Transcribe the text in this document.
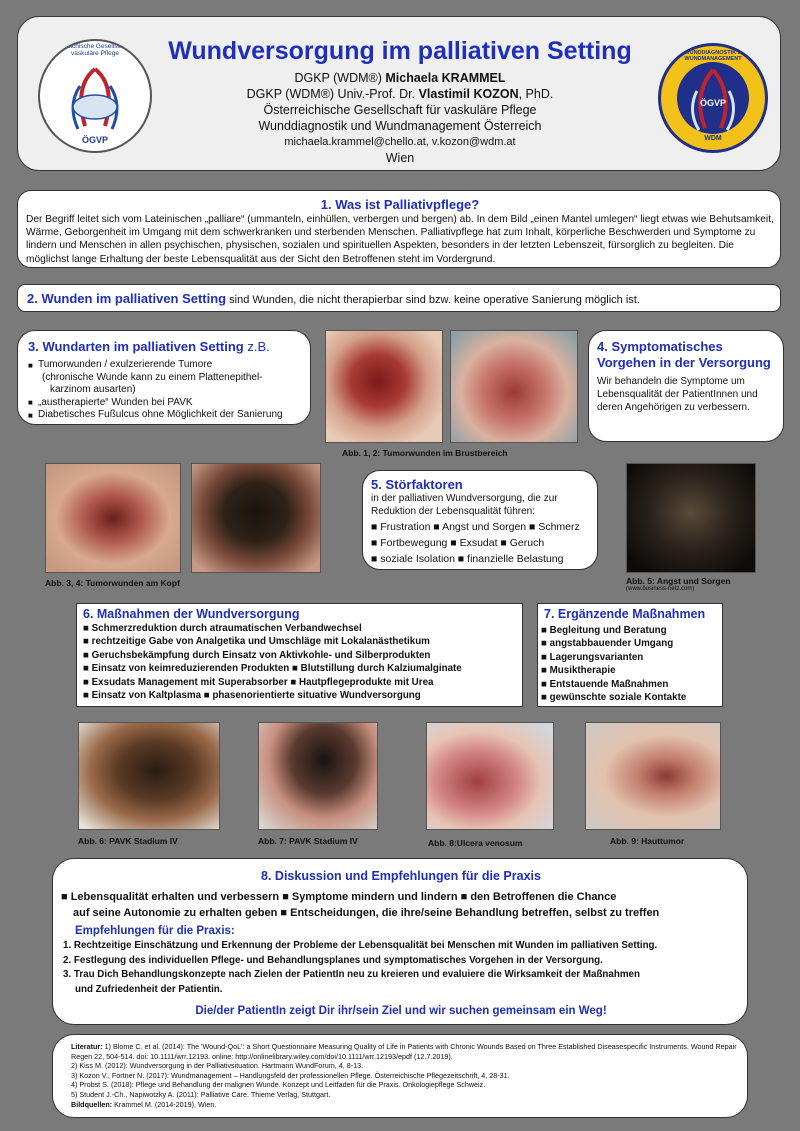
Österreichische Gesellschaft für vaskuläre Pflege
ÖGVP
Wundversorgung im palliativen Setting
DGKP (WDM®) Michaela KRAMMEL
DGKP (WDM®) Univ.-Prof. Dr. Vlastimil KOZON, PhD.
Österreichische Gesellschaft für vaskuläre Pflege
Wunddiagnostik und Wundmanagement Österreich
michaela.krammel@chello.at, v.kozon@wdm.at
Wien
ÖGVP
WDM
WUNDDIAGNOSTIK & WUNDMANAGEMENT
1. Was ist Palliativpflege?
Der Begriff leitet sich vom Lateinischen „palliare“ (ummanteln, einhüllen, verbergen und bergen) ab. In dem Bild „einen Mantel umlegen“ liegt etwas wie Behutsamkeit, Wärme, Geborgenheit im Umgang mit dem schwerkranken und sterbenden Menschen. Palliativpflege hat zum Inhalt, körperliche Beschwerden und Symptome zu lindern und Menschen in allen psychischen, physischen, sozialen und spirituellen Aspekten, besonders in der letzten Lebenszeit, fürsorglich zu begleiten. Die möglichst lange Erhaltung der beste Lebensqualität aus der Sicht den Betroffenen steht im Vordergrund.
2. Wunden im palliativen Setting sind Wunden, die nicht therapierbar sind bzw. keine operative Sanierung möglich ist.
3. Wundarten im palliativen Setting z.B.
■ Tumorwunden / exulzerierende Tumore
(chronische Wunde kann zu einem Plattenepithel-
karzinom ausarten)
■ „austherapierte“ Wunden bei PAVK
■ Diabetisches Fußulcus ohne Möglichkeit der Sanierung
Abb. 1, 2: Tumorwunden im Brustbereich
4. Symptomatisches
Vorgehen in der Versorgung
Wir behandeln die Symptome um Lebensqualität der PatientInnen und deren Angehörigen zu verbessern.
Abb. 3, 4: Tumorwunden am Kopf
5. Störfaktoren
in der palliativen Wundversorgung, die zur Reduktion der Lebensqualität führen:
■ Frustration ■ Angst und Sorgen ■ Schmerz
■ Fortbewegung ■ Exsudat ■ Geruch
■ soziale Isolation ■ finanzielle Belastung
Abb. 5: Angst und Sorgen
(www.business-netz.com)
6. Maßnahmen der Wundversorgung
■ Schmerzreduktion durch atraumatischen Verbandwechsel
■ rechtzeitige Gabe von Analgetika und Umschläge mit Lokalanästhetikum
■ Geruchsbekämpfung durch Einsatz von Aktivkohle- und Silberprodukten
■ Einsatz von keimreduzierenden Produkten ■ Blutstillung durch Kalziumalginate
■ Exsudats Management mit Superabsorber ■ Hautpflegeprodukte mit Urea
■ Einsatz von Kaltplasma ■ phasenorientierte situative Wundversorgung
7. Ergänzende Maßnahmen
■ Begleitung und Beratung
■ angstabbauender Umgang
■ Lagerungsvarianten
■ Musiktherapie
■ Entstauende Maßnahmen
■ gewünschte soziale Kontakte
Abb. 6: PAVK Stadium IV	Abb. 7: PAVK Stadium IV	Abb. 8:Ulcera venosum	Abb. 9: Hauttumor
8. Diskussion und Empfehlungen für die Praxis
■ Lebensqualität erhalten und verbessern ■ Symptome mindern und lindern ■ den Betroffenen die Chance
auf seine Autonomie zu erhalten geben ■ Entscheidungen, die ihre/seine Behandlung betreffen, selbst zu treffen
Empfehlungen für die Praxis:
1. Rechtzeitige Einschätzung und Erkennung der Probleme der Lebensqualität bei Menschen mit Wunden im palliativen Setting.
2. Festlegung des individuellen Pflege- und Behandlungsplanes und symptomatisches Vorgehen in der Versorgung.
3. Trau Dich Behandlungskonzepte nach Zielen der PatientIn neu zu kreieren und evaluiere die Wirksamkeit der Maßnahmen
und Zufriedenheit der Patientin.
Die/der PatientIn zeigt Dir ihr/sein Ziel und wir suchen gemeinsam ein Weg!
Literatur: 1) Blome C. et al. (2014): The 'Wound-QoL': a Short Questionnaire Measuring Quality of Life in Patients with Chronic Wounds Based on Three Established Diseasespecific Instruments. Wound Repair Regen 22, 504-514. doi: 10.1111/wrr.12193. online: http://onlinelibrary.wiley.com/doi/10.1111/wrr.12193/epdf (12.7.2019).
2) Kiss M. (2012): Wundversorgung in der Palliativsituation. Hartmann WundForum, 4, 8-13.
3) Kozon V., Fortner N. (2017): Wundmanagement – Handlungsfeld der professionellen Pflege. Österreichische Pflegezeitschrift, 4, 28-31.
4) Probst S. (2018): Pflege und Behandlung der malignen Wunde. Konzept und Leitfaden für die Praxis. Onkologiepflege Schweiz.
5) Student J.-Ch., Napiwotzky A. (2011): Palliative Care. Thieme Verlag, Stuttgart.
Bildquellen: Krammel M. (2014-2019), Wien.
